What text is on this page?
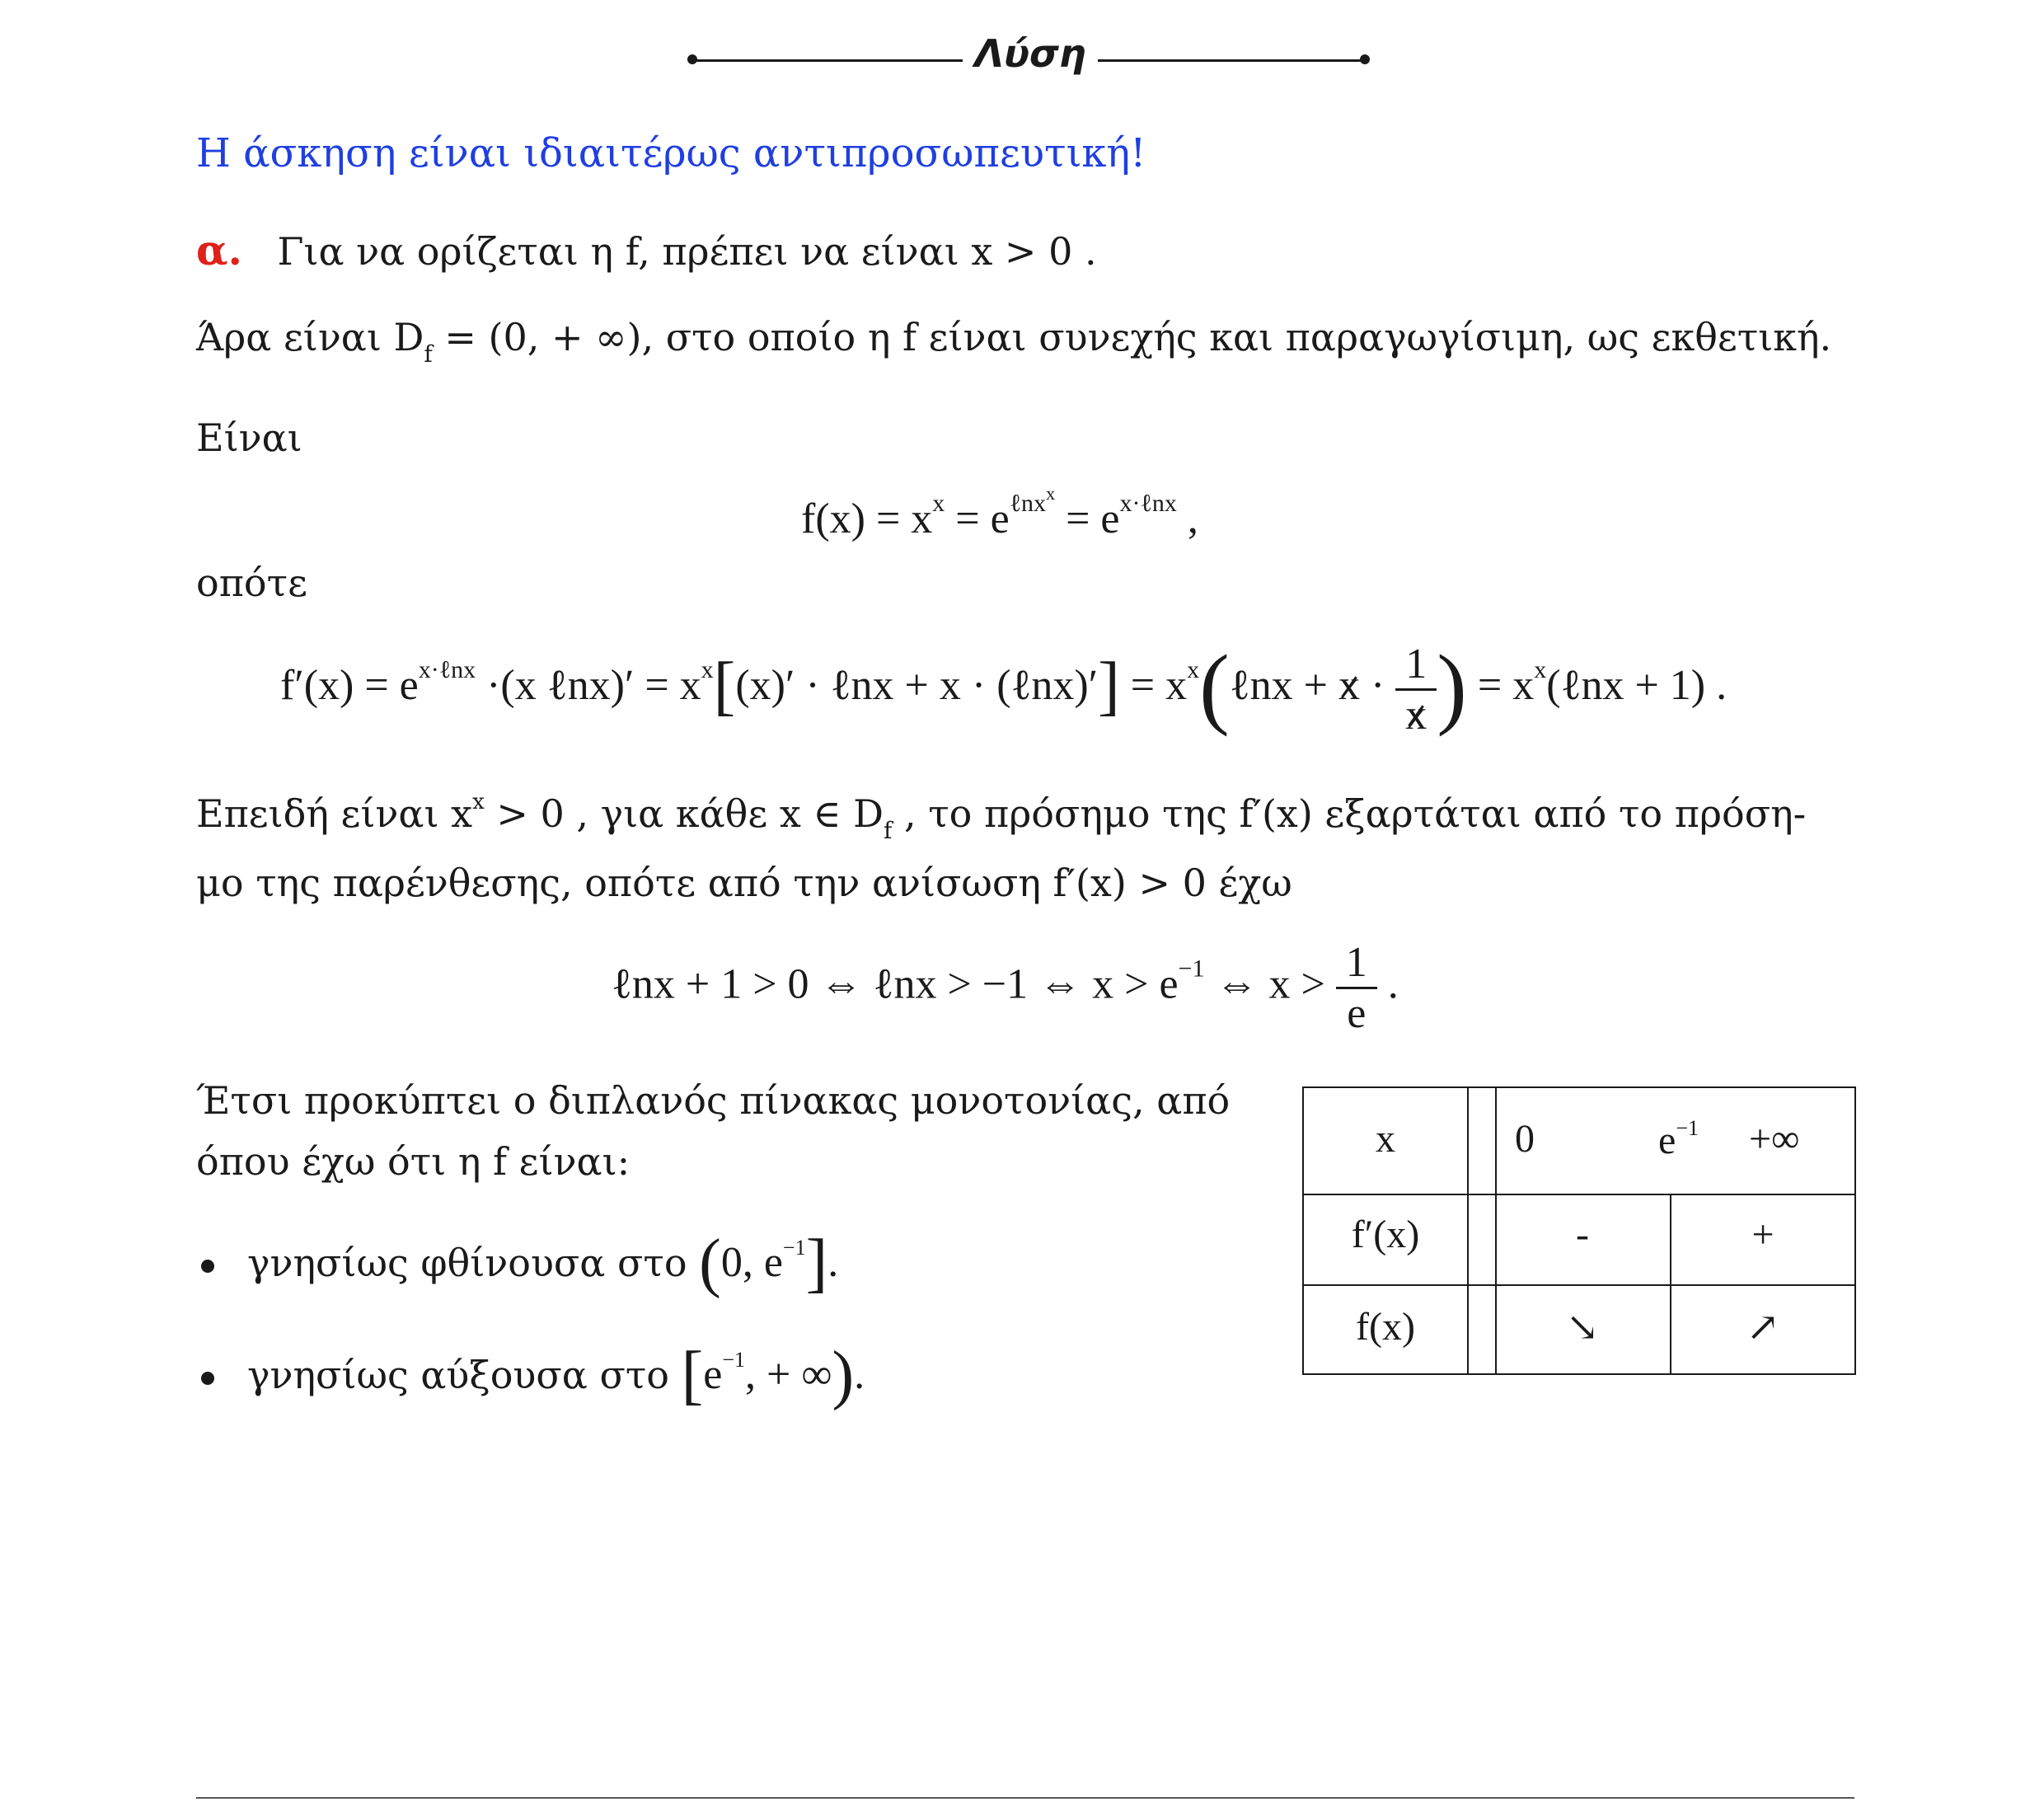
Λύση
Η άσκηση είναι ιδιαιτέρως αντιπροσωπευτική!
α. Για να ορίζεται η f, πρέπει να είναι x > 0 .
Άρα είναι $D_f = (0$, + ∞), στο οποίο η f είναι συνεχής και παραγωγίσιμη, ως εκθετική.
Είναι
$f(x) = x^x = e^{\ell nx^x} = e^{x\cdot\ell nx}$ ,
οπότε
$f'(x) = e^{x\cdot\ell nx} \cdot(x$ ℓnx)′ = $x^x[(x)'$ · ℓnx + x · (ℓnx)′] = $x^x(\ell nx + x \cdot \frac{1}{x}$ ) = $x^x(\ell nx + 1)$ .
Επειδή είναι $x^x > 0$ , για κάθε x ∈ $D_f$ , το πρόσημο της f′(x) εξαρτάται από το πρόση-
μο της παρένθεσης, οπότε από την ανίσωση f′(x) > 0 έχω
ℓnx + 1 > 0 ⇔ ℓnx > −1 ⇔ $x > e^{-1}$ ⇔ $x > \frac{1}{e}$ .
Έτσι προκύπτει ο διπλανός πίνακας μονοτονίας, από
όπου έχω ότι η f είναι:
γνησίως φθίνουσα στο (0, $e^{-1}$].
γνησίως αύξουσα στο [$e^{-1}$, + ∞).
x	0	$e^{-1}$ +∞
f′(x)	-	+
f(x)	↘	↗
